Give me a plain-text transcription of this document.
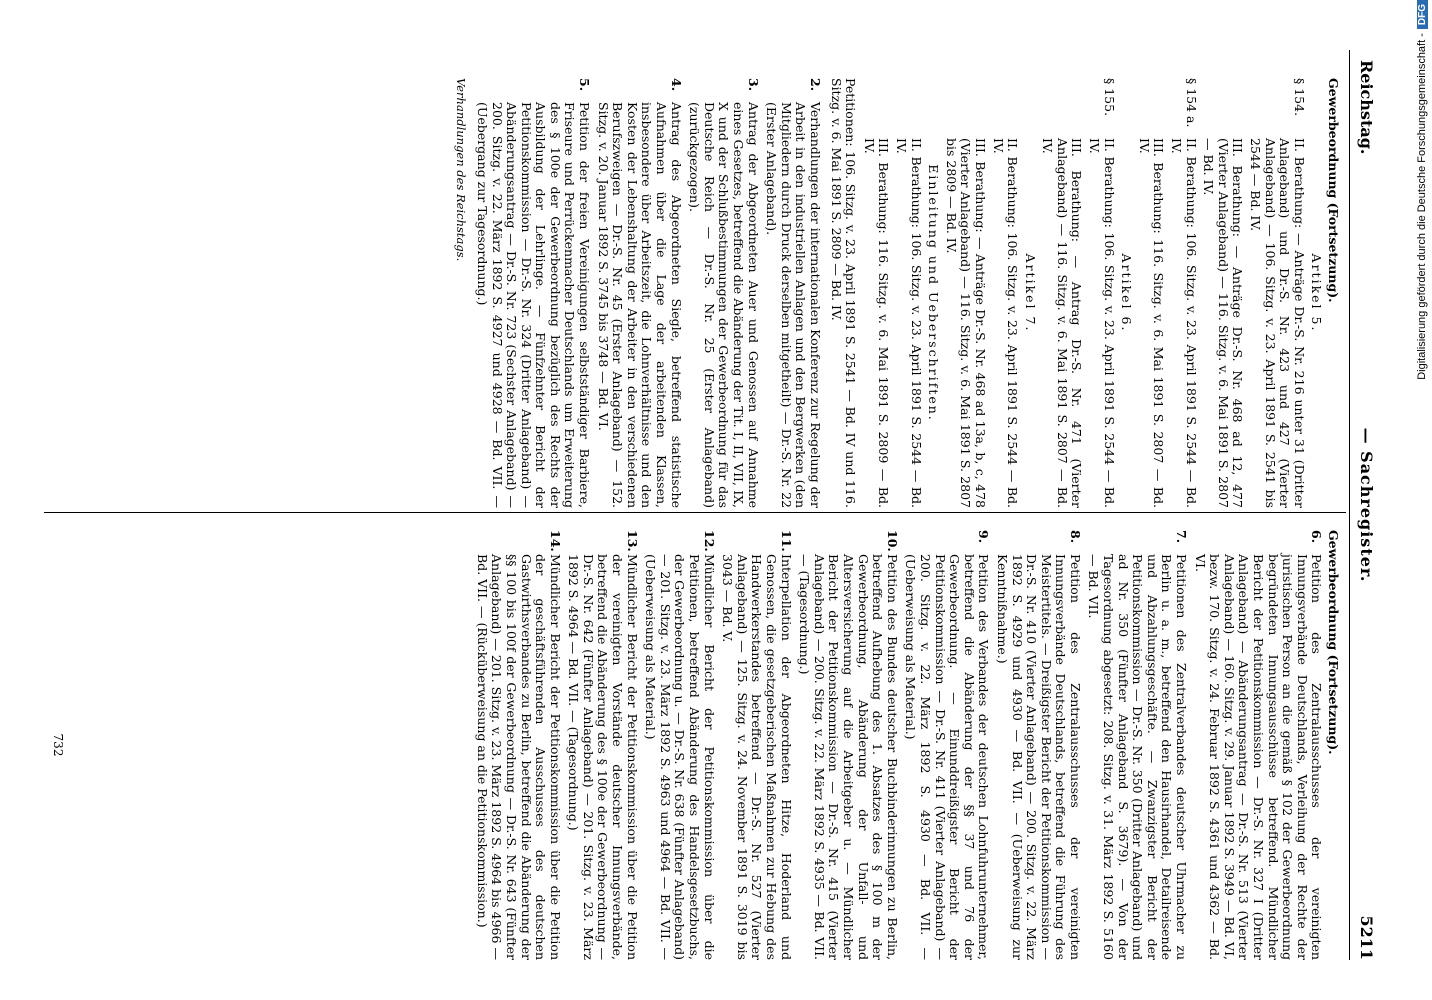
Reichstag.
— Sachregister.
5211
Gewerbeordnung (Fortsetzung).
Artikel 5.
§ 154.
II. Berathung: — Anträge Dr.-S. Nr. 216 unter 31 (Dritter Anlageband) und Dr.-S. Nr. 423 und 427 (Vierter Anlageband) — 106. Sitzg. v. 23. April 1891 S. 2541 bis 2544 — Bd. IV.
III. Berathung: — Anträge Dr.-S. Nr. 468 ad 12, 477 (Vierter Anlageband) — 116. Sitzg. v. 6. Mai 1891 S. 2807 — Bd. IV.
§ 154 a.
II. Berathung: 106. Sitzg. v. 23. April 1891 S. 2544 — Bd. IV.
III. Berathung: 116. Sitzg. v. 6. Mai 1891 S. 2807 — Bd. IV.
Artikel 6.
§ 155.
II. Berathung: 106. Sitzg. v. 23. April 1891 S. 2544 — Bd. IV.
III. Berathung: — Antrag Dr.-S. Nr. 471 (Vierter Anlageband) — 116. Sitzg. v. 6. Mai 1891 S. 2807 — Bd. IV.
Artikel 7.
II. Berathung: 106. Sitzg. v. 23. April 1891 S. 2544 — Bd. IV.
III. Berathung: — Anträge Dr.-S. Nr. 468 ad 13a, b, c, 478 (Vierter Anlageband) — 116. Sitzg. v. 6. Mai 1891 S. 2807 bis 2809 — Bd. IV.
Einleitung und Ueberschriften.
II. Berathung: 106. Sitzg. v. 23. April 1891 S. 2544 — Bd. IV.
III. Berathung: 116. Sitzg. v. 6. Mai 1891 S. 2809 — Bd. IV.
Petitionen: 106. Sitzg. v. 23. April 1891 S. 2541 — Bd. IV und 116. Sitzg. v. 6. Mai 1891 S. 2809 — Bd. IV.
2.
Verhandlungen der internationalen Konferenz zur Regelung der Arbeit in den industriellen Anlagen und den Bergwerken (den Mitgliedern durch Druck derselben mitgetheilt) — Dr.-S. Nr. 22 (Erster Anlageband).
3.
Antrag der Abgeordneten Auer und Genossen auf Annahme eines Gesetzes, betreffend die Abänderung der Tit. I, II, VII, IX, X und der Schlußbestimmungen der Gewerbeordnung für das Deutsche Reich — Dr.-S. Nr. 25 (Erster Anlageband) (zurückgezogen).
4.
Antrag des Abgeordneten Siegle, betreffend statistische Aufnahmen über die Lage der arbeitenden Klassen, insbesondere über Arbeitszeit, die Lohnverhältnisse und den Kosten der Lebenshaltung der Arbeiter in den verschiedenen Berufszweigen — Dr.-S. Nr. 45 (Erster Anlageband) — 152. Sitzg. v. 20. Januar 1892 S. 3745 bis 3748 — Bd. VI.
5.
Petition der freien Vereinigungen selbstständiger Barbiere, Friseure und Perrückenmacher Deutschlands um Erweiterung des § 100e der Gewerbeordnung bezüglich des Rechts der Ausbildung der Lehrlinge. — Fünfzehnter Bericht der Petitionskommission — Dr.-S. Nr. 324 (Dritter Anlageband) — Abänderungsantrag — Dr.-S. Nr. 723 (Sechster Anlageband) — 200. Sitzg. v. 22. März 1892 S. 4927 und 4928 — Bd. VII. — (Uebergang zur Tagesordnung.)
Verhandlungen des Reichstags.
Gewerbeordnung (Fortsetzung).
6.
Petition des Zentralausschusses der vereinigten Innungsverbände Deutschlands, Verleihung der Rechte der juristischen Person an die gemäß § 102 der Gewerbeordnung begründeten Innungsausschüsse betreffend. Mündlicher Bericht der Petitionskommission — Dr.-S. Nr. 327 I (Dritter Anlageband) — Abänderungsantrag — Dr.-S. Nr. 513 (Vierter Anlageband) — 160. Sitzg. v. 29. Januar 1892 S. 3949 — Bd. VI, bezw. 170. Sitzg. v. 24. Februar 1892 S. 4361 und 4362 — Bd. VI.
7.
Petitionen des Zentralverbandes deutscher Uhrmacher zu Berlin u. a. m., betreffend den Hausirhandel, Detailreisende und Abzahlungsgeschäfte. — Zwanzigster Bericht der Petitionskommission — Dr.-S. Nr. 350 (Dritter Anlageband) und ad Nr. 350 (Fünfter Anlageband S. 3679). — Von der Tagesordnung abgesetzt: 208. Sitzg. v. 31. März 1892 S. 5160 — Bd. VII.
8.
Petition des Zentralausschusses der vereinigten Innungsverbände Deutschlands, betreffend die Führung des Meistertitels. — Dreißigster Bericht der Petitionskommission — Dr.-S. Nr. 410 (Vierter Anlageband) — 200. Sitzg. v. 22. März 1892 S. 4929 und 4930 — Bd. VII. — (Ueberweisung zur Kenntnißnahme.)
9.
Petition des Verbandes der deutschen Lohnfuhrunternehmer, betreffend die Abänderung der §§ 37 und 76 der Gewerbeordnung. — Einunddreißigster Bericht der Petitionskommission — Dr.-S. Nr. 411 (Vierter Anlageband) — 200. Sitzg. v. 22. März 1892 S. 4930 — Bd. VII. — (Ueberweisung als Material.)
10.
Petition des Bundes deutscher Buchbinderinnungen zu Berlin, betreffend Aufhebung des 1. Absatzes des § 100 m der Gewerbeordnung, Abänderung der Unfall- und Altersversicherung auf die Arbeitgeber u. — Mündlicher Bericht der Petitionskommission — Dr.-S. Nr. 415 (Vierter Anlageband) — 200. Sitzg. v. 22. März 1892 S. 4935 — Bd. VII. — (Tagesordnung.)
11.
Interpellation der Abgeordneten Hitze, Hoderland und Genossen, die gesetzgeberischen Maßnahmen zur Hebung des Handwerkerstandes betreffend — Dr.-S. Nr. 527 (Vierter Anlageband) — 125. Sitzg. v. 24. November 1891 S. 3019 bis 3043 — Bd. V.
12.
Mündlicher Bericht der Petitionskommission über die Petitionen, betreffend Abänderung des Handelsgesetzbuchs, der Gewerbeordnung u. — Dr.-S. Nr. 638 (Fünfter Anlageband) — 201. Sitzg. v. 23. März 1892 S. 4963 und 4964 — Bd. VII. — (Ueberweisung als Material.)
13.
Mündlicher Bericht der Petitionskommission über die Petition der vereinigten Vorstände deutscher Innungsverbände, betreffend die Abänderung des § 100e der Gewerbeordnung — Dr.-S. Nr. 642 (Fünfter Anlageband) — 201. Sitzg. v. 23. März 1892 S. 4964 — Bd. VII. — (Tagesordnung.)
14.
Mündlicher Bericht der Petitionskommission über die Petition der geschäftsführenden Ausschusses des deutschen Gastwirthsverbandes zu Berlin, betreffend die Abänderung der §§ 100 bis 100f der Gewerbeordnung — Dr.-S. Nr. 643 (Fünfter Anlageband) — 201. Sitzg. v. 23. März 1892 S. 4964 bis 4966 — Bd. VII. — (Rücküberweisung an die Petitionskommission.)
732
Digitalisierung gefördert durch die Deutsche Forschungsgemeinschaft -
DFG
